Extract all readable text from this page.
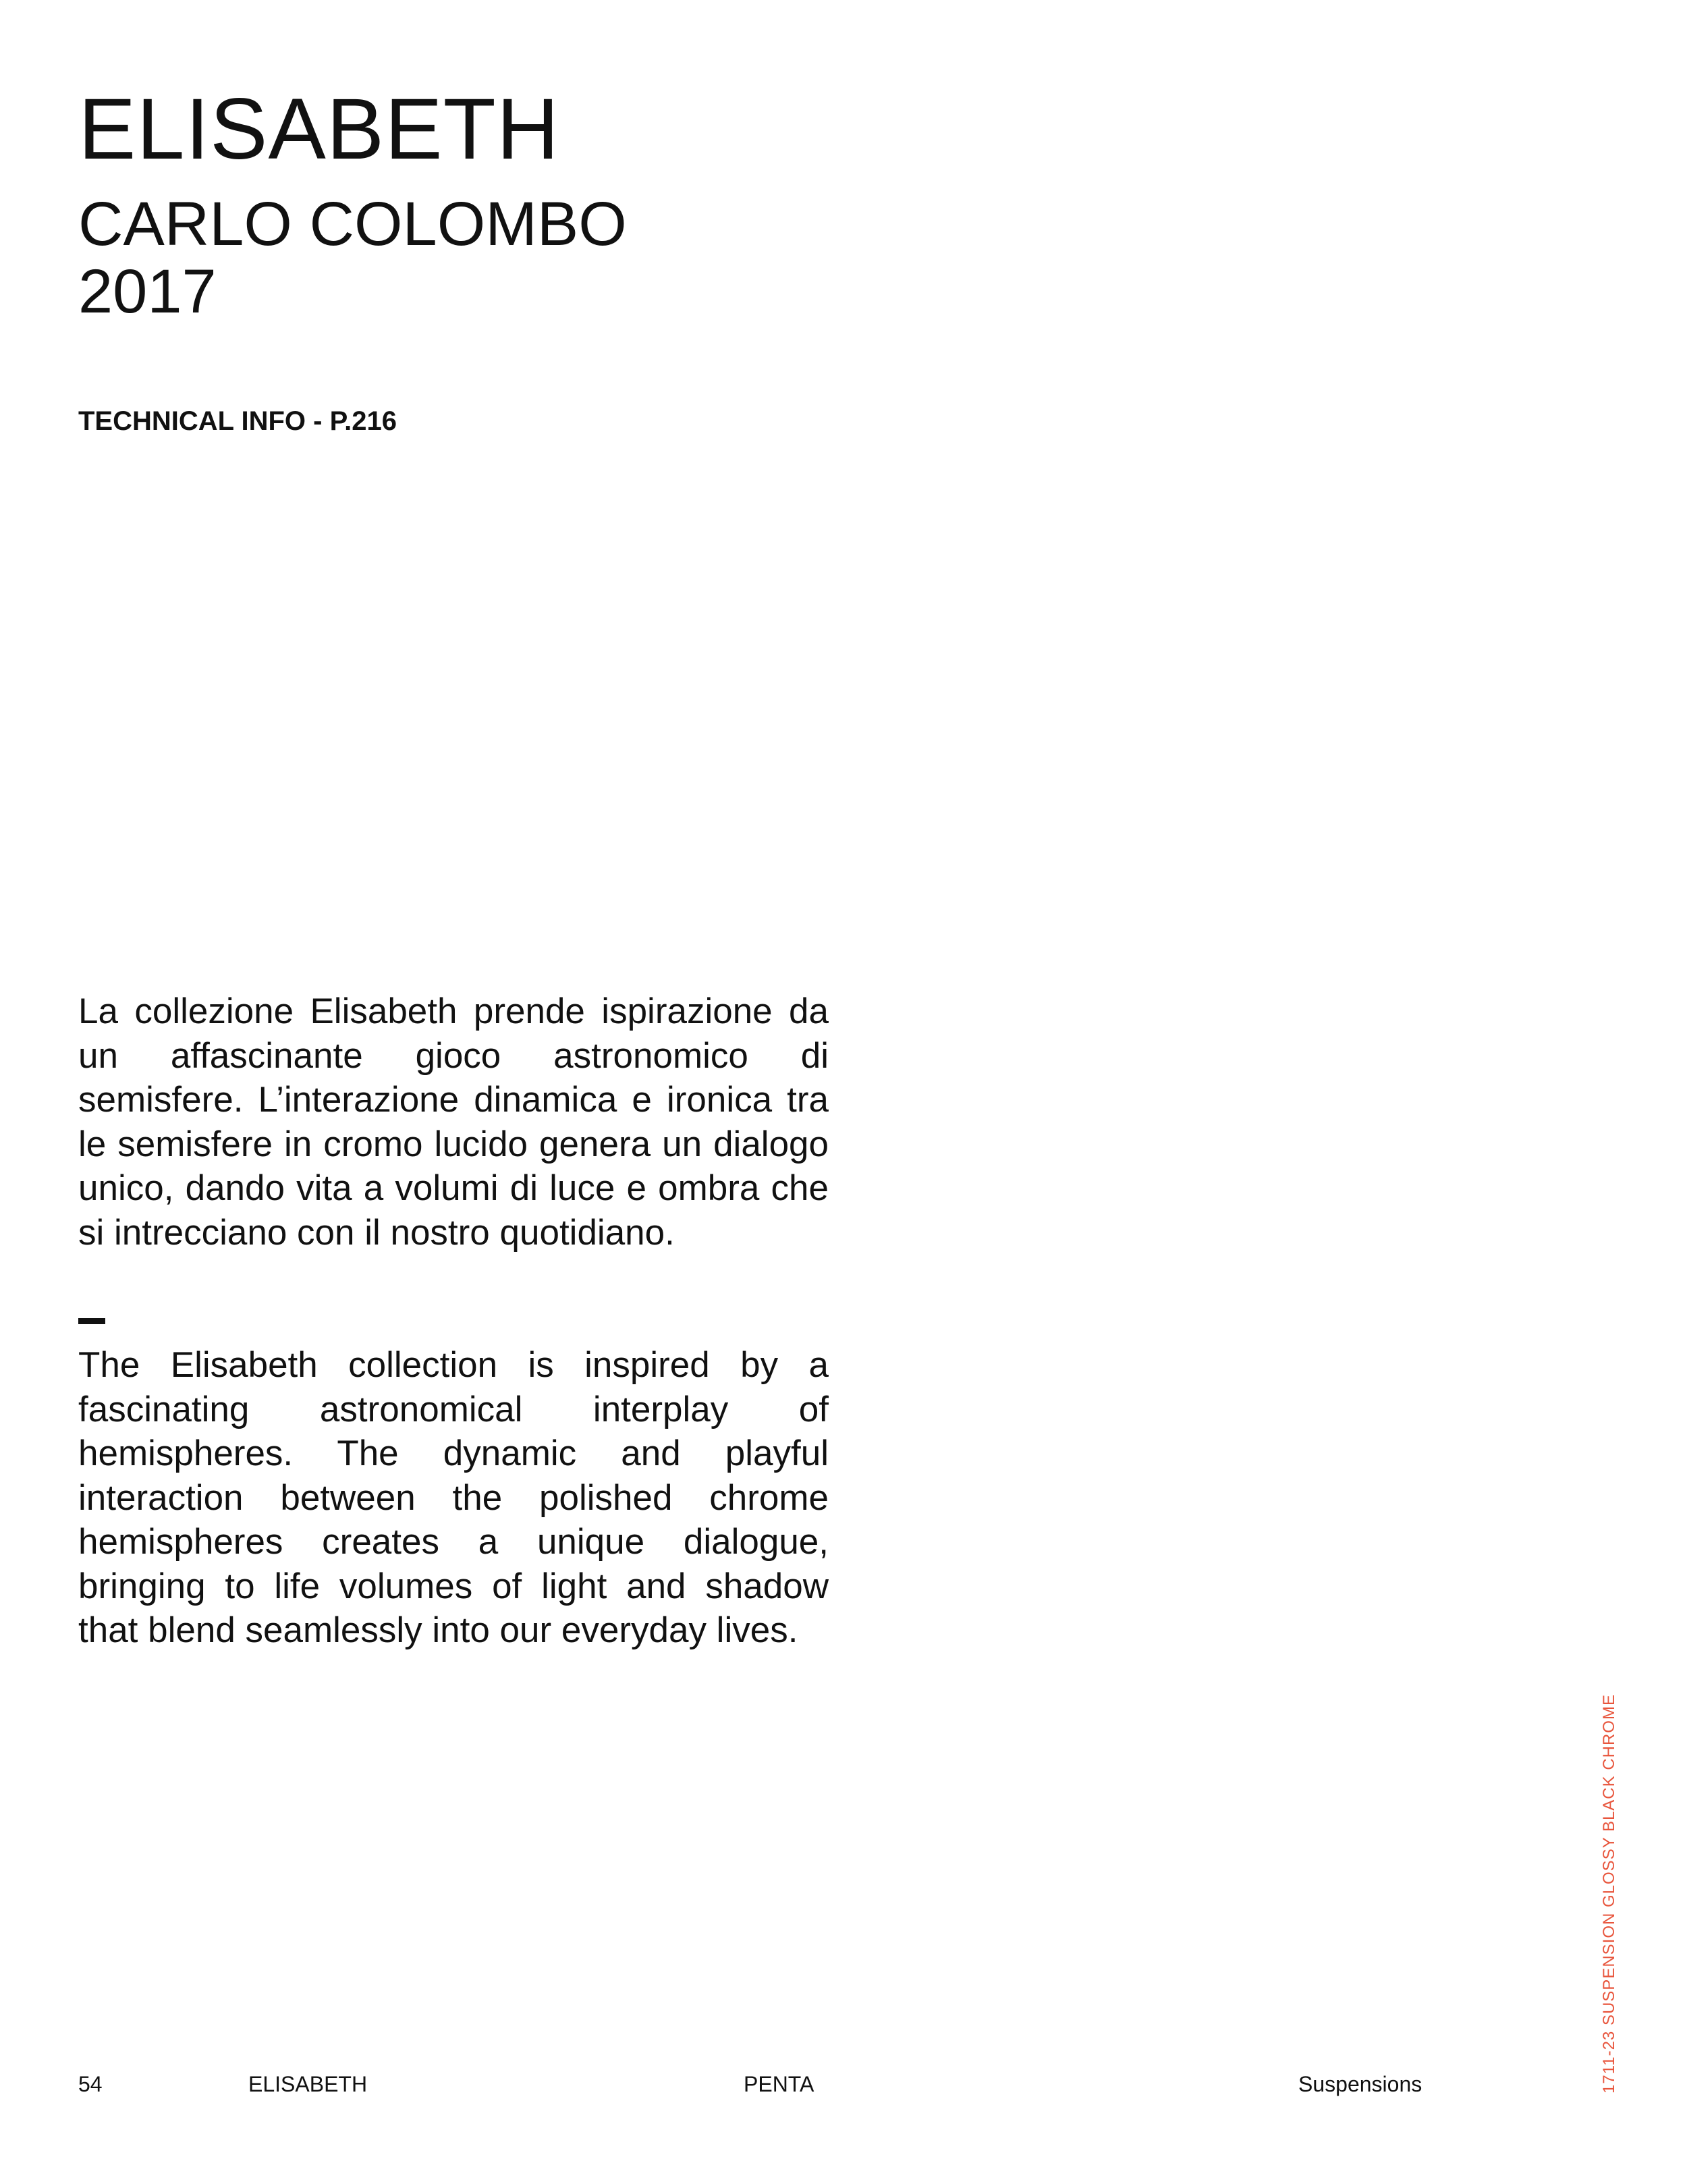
ELISABETH
CARLO COLOMBO
2017
TECHNICAL INFO - P.216

La collezione Elisabeth prende ispirazione da un affascinante gioco astronomico di semisfere. L’interazione dinamica e ironica tra le semisfere in cromo lucido genera un dialogo unico, dando vita a volumi di luce e ombra che si intrecciano con il nostro quotidiano.

The Elisabeth collection is inspired by a fascinating astronomical interplay of hemispheres. The dynamic and playful interaction between the polished chrome hemispheres creates a unique dialogue, bringing to life volumes of light and shadow that blend seamlessly into our everyday lives.

54	ELISABETH	PENTA	Suspensions	1711-23 SUSPENSION GLOSSY BLACK CHROME
